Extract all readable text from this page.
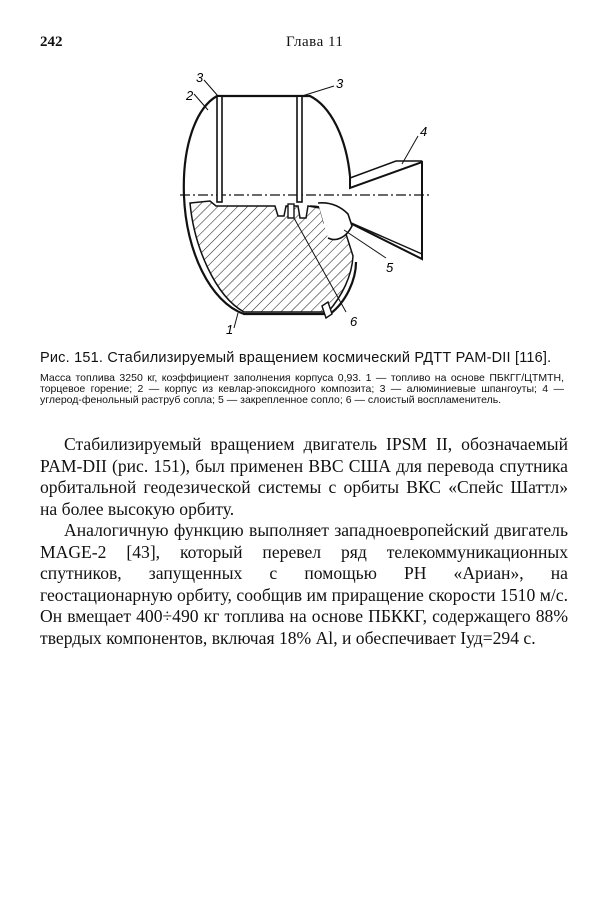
242	Глава 11
1
2
3	3
4
5
6
Рис. 151. Стабилизируемый вращением космический РДТТ PAM-DII [116].
Масса топлива 3250 кг, коэффициент заполнения корпуса 0,93. 1 — топливо на основе ПБКГГ/ЦТМТН, торцевое горение; 2 — корпус из кевлар-эпоксидного композита; 3 — алюминиевые шпангоуты; 4 — углерод-фенольный раструб сопла; 5 — закрепленное сопло; 6 — слоистый воспламенитель.

Стабилизируемый вращением двигатель IPSM II, обозначаемый PAM-DII (рис. 151), был применен ВВС США для перевода спутника орбитальной геодезической системы с орбиты ВКС «Спейс Шаттл» на более высокую орбиту.

Аналогичную функцию выполняет западноевропейский двигатель MAGE-2 [43], который перевел ряд телекоммуникационных спутников, запущенных с помощью РН «Ариан», на геостационарную орбиту, сообщив им приращение скорости 1510 м/с. Он вмещает 400÷490 кг топлива на основе ПБККГ, содержащего 88% твердых компонентов, включая 18% Al, и обеспечивает Iуд=294 с.
